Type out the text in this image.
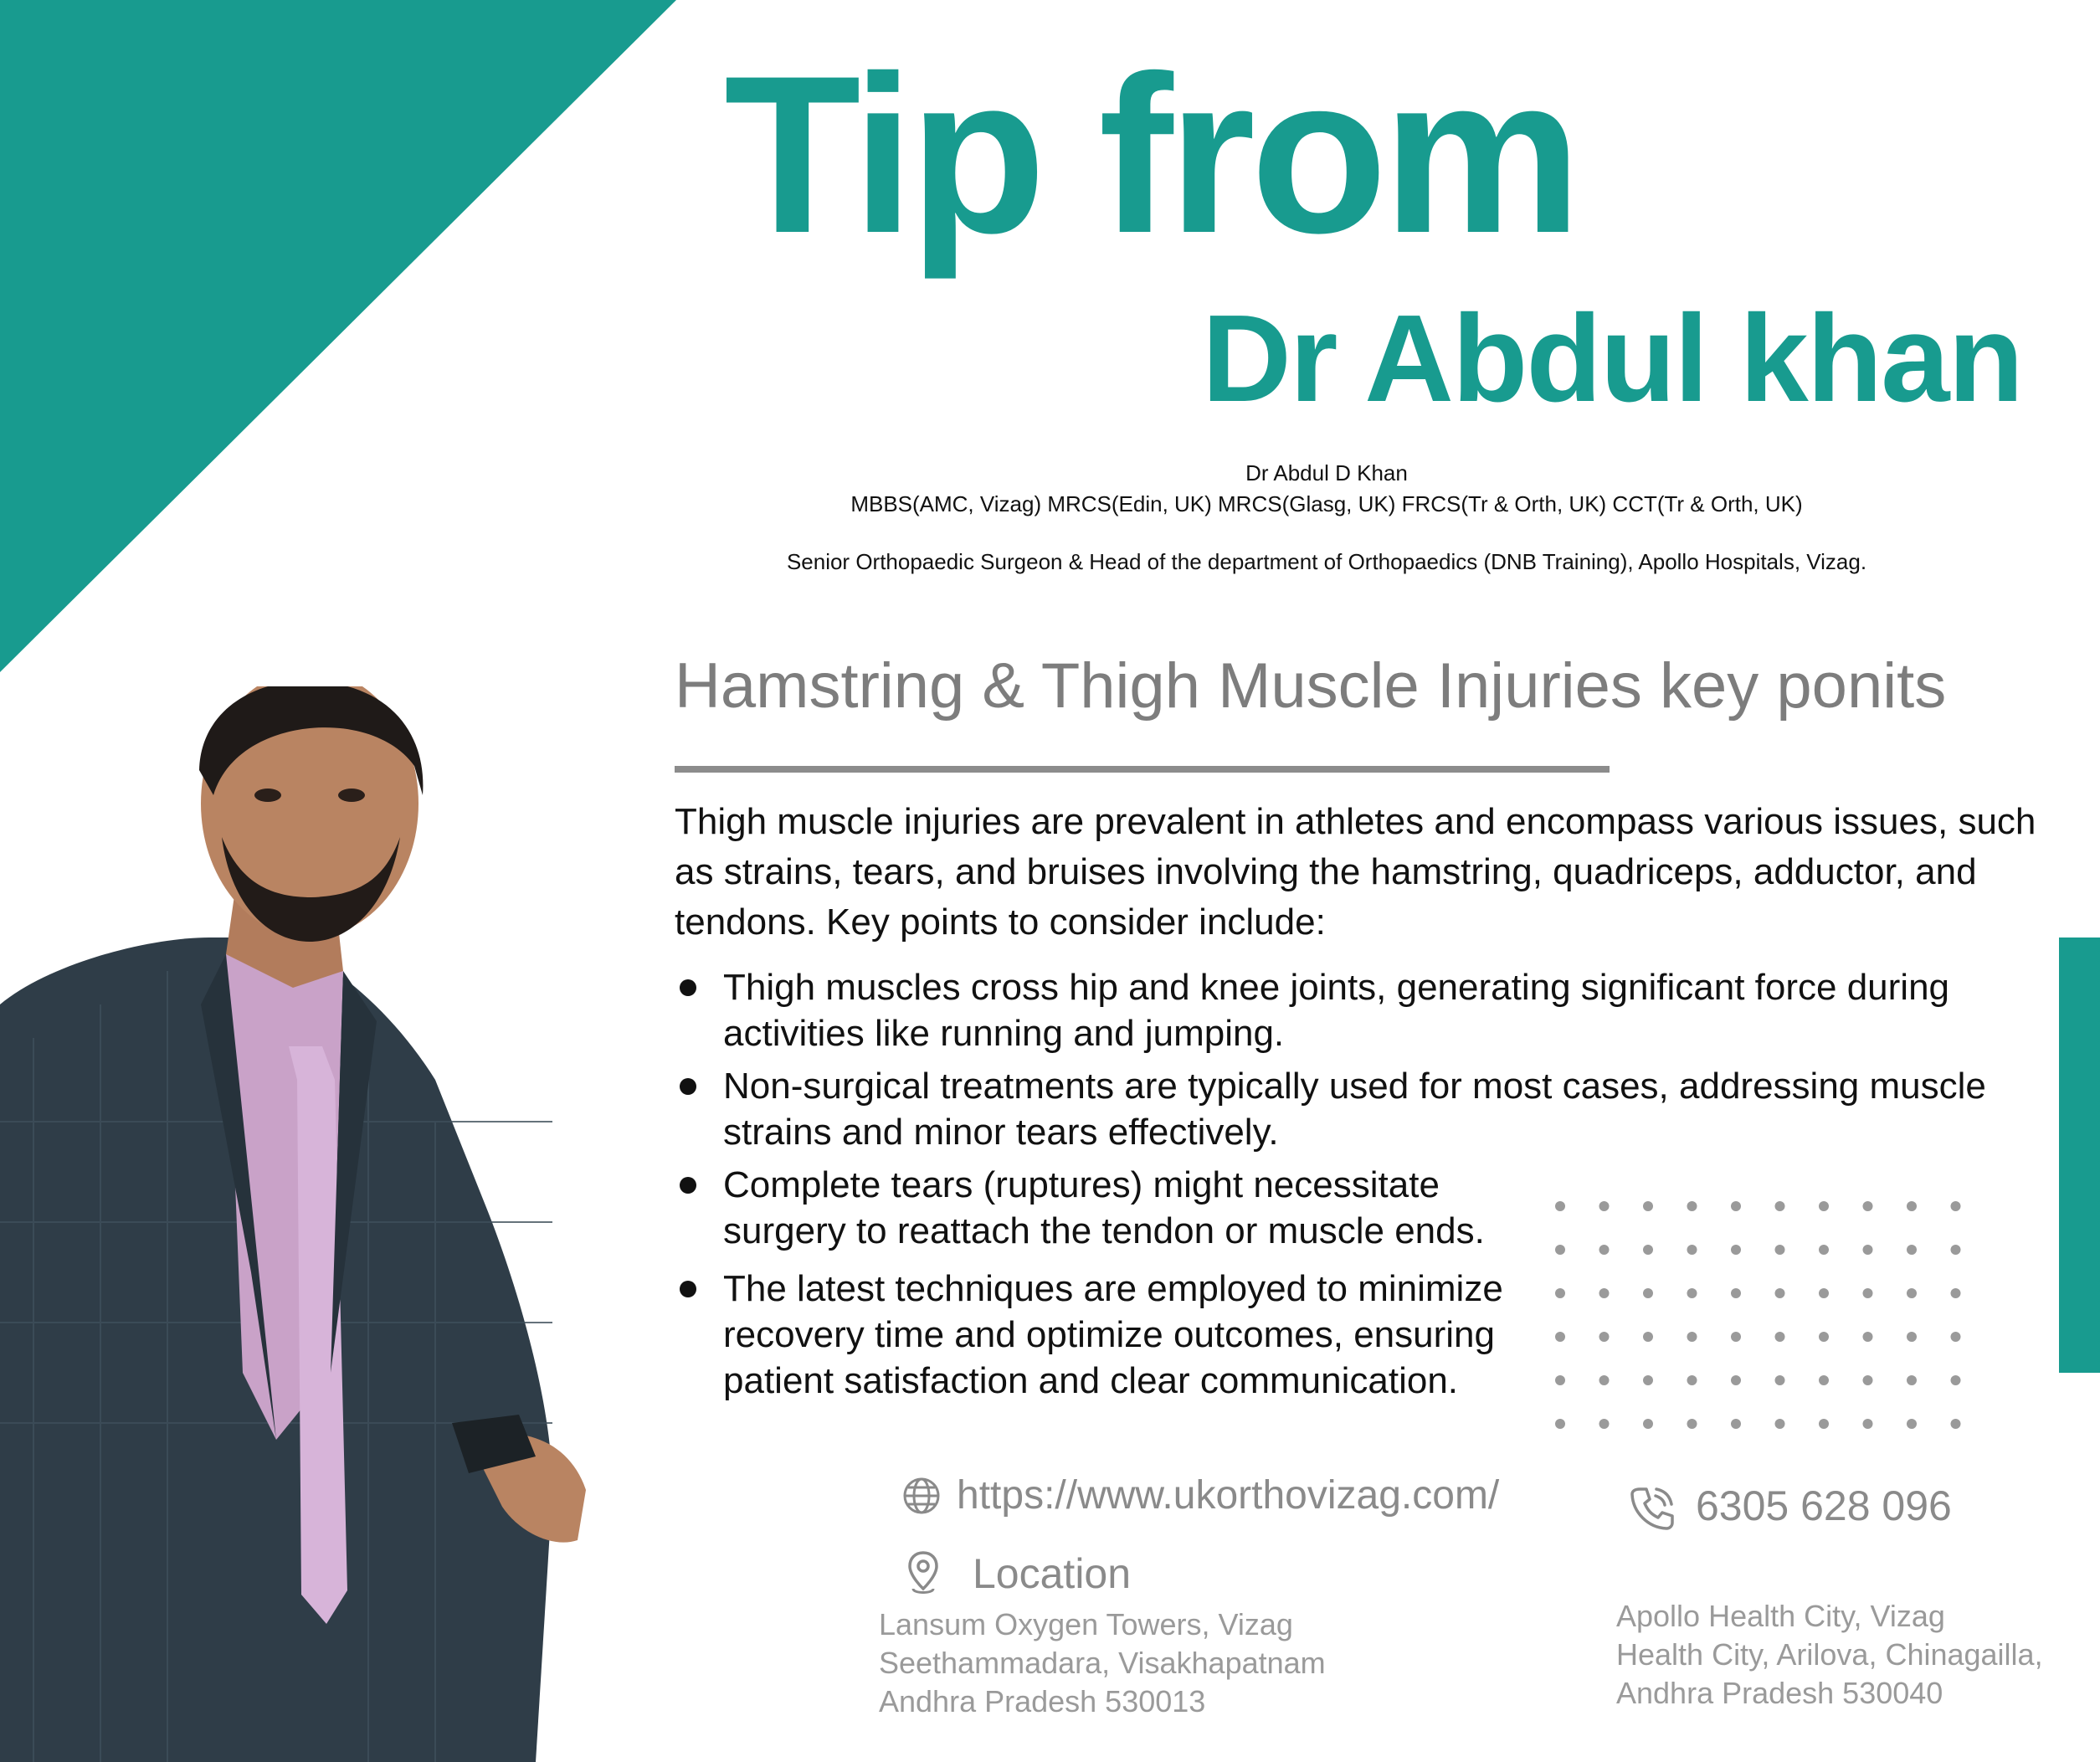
Tip from
Dr Abdul khan
Dr Abdul D Khan
MBBS(AMC, Vizag) MRCS(Edin, UK) MRCS(Glasg, UK) FRCS(Tr & Orth, UK) CCT(Tr & Orth, UK)
Senior Orthopaedic Surgeon & Head of the department of Orthopaedics (DNB Training), Apollo Hospitals, Vizag.
Hamstring & Thigh Muscle Injuries key ponits
Thigh muscle injuries are prevalent in athletes and encompass various issues, such as strains, tears, and bruises involving the hamstring, quadriceps, adductor, and tendons. Key points to consider include:
Thigh muscles cross hip and knee joints, generating significant force during
activities like running and jumping.
Non-surgical treatments are typically used for most cases, addressing muscle
strains and minor tears effectively.
Complete tears (ruptures) might necessitate
surgery to reattach the tendon or muscle ends.
The latest techniques are employed to minimize
recovery time and optimize outcomes, ensuring
patient satisfaction and clear communication.
https://www.ukorthovizag.com/	6305 628 096
Location
Lansum Oxygen Towers, Vizag
Seethammadara, Visakhapatnam
Andhra Pradesh 530013
Apollo Health City, Vizag
Health City, Arilova, Chinagailla,
Andhra Pradesh 530040
